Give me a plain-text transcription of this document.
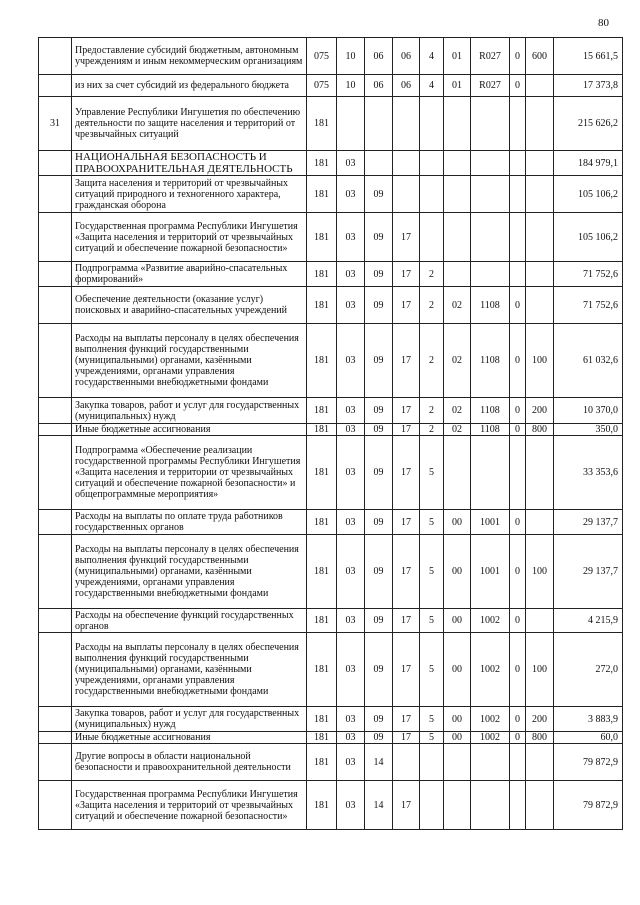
80
	Предоставление субсидий бюджетным, автономным учреждениям и иным некоммерческим организациям	075	10	06	06	4	01	R027	0	600	15 661,5
	из них за счет субсидий из федерального бюджета	075	10	06	06	4	01	R027	0		17 373,8
31	Управление Республики Ингушетия по обеспечению деятельности по защите населения и территорий от чрезвычайных ситуаций	181									215 626,2
	НАЦИОНАЛЬНАЯ БЕЗОПАСНОСТЬ И ПРАВООХРАНИТЕЛЬНАЯ ДЕЯТЕЛЬНОСТЬ	181	03								184 979,1
	Защита населения и территорий от чрезвычайных ситуаций природного и техногенного характера, гражданская оборона	181	03	09							105 106,2
	Государственная программа Республики Ингушетия «Защита населения и территорий от чрезвычайных ситуаций и обеспечение пожарной безопасности»	181	03	09	17						105 106,2
	Подпрограмма «Развитие аварийно-спасательных формирований»	181	03	09	17	2					71 752,6
	Обеспечение деятельности (оказание услуг) поисковых и аварийно-спасательных учреждений	181	03	09	17	2	02	1108	0		71 752,6
	Расходы на выплаты персоналу в целях обеспечения выполнения функций государственными (муниципальными) органами, казёнными учреждениями, органами управления государственными внебюджетными фондами	181	03	09	17	2	02	1108	0	100	61 032,6
	Закупка товаров, работ и услуг для государственных (муниципальных) нужд	181	03	09	17	2	02	1108	0	200	10 370,0
	Иные бюджетные ассигнования	181	03	09	17	2	02	1108	0	800	350,0
	Подпрограмма «Обеспечение реализации государственной программы Республики Ингушетия «Защита населения и территории от чрезвычайных ситуаций и обеспечение пожарной безопасности» и общепрограммные мероприятия»	181	03	09	17	5					33 353,6
	Расходы на выплаты по оплате труда работников государственных органов	181	03	09	17	5	00	1001	0		29 137,7
	Расходы на выплаты персоналу в целях обеспечения выполнения функций государственными (муниципальными) органами, казёнными учреждениями, органами управления государственными внебюджетными фондами	181	03	09	17	5	00	1001	0	100	29 137,7
	Расходы на обеспечение функций государственных органов	181	03	09	17	5	00	1002	0		4 215,9
	Расходы на выплаты персоналу в целях обеспечения выполнения функций государственными (муниципальными) органами, казёнными учреждениями, органами управления государственными внебюджетными фондами	181	03	09	17	5	00	1002	0	100	272,0
	Закупка товаров, работ и услуг для государственных (муниципальных) нужд	181	03	09	17	5	00	1002	0	200	3 883,9
	Иные бюджетные ассигнования	181	03	09	17	5	00	1002	0	800	60,0
	Другие вопросы в области национальной безопасности и правоохранительной деятельности	181	03	14							79 872,9
	Государственная программа Республики Ингушетия «Защита населения и территорий от чрезвычайных ситуаций и обеспечение пожарной безопасности»	181	03	14	17						79 872,9
